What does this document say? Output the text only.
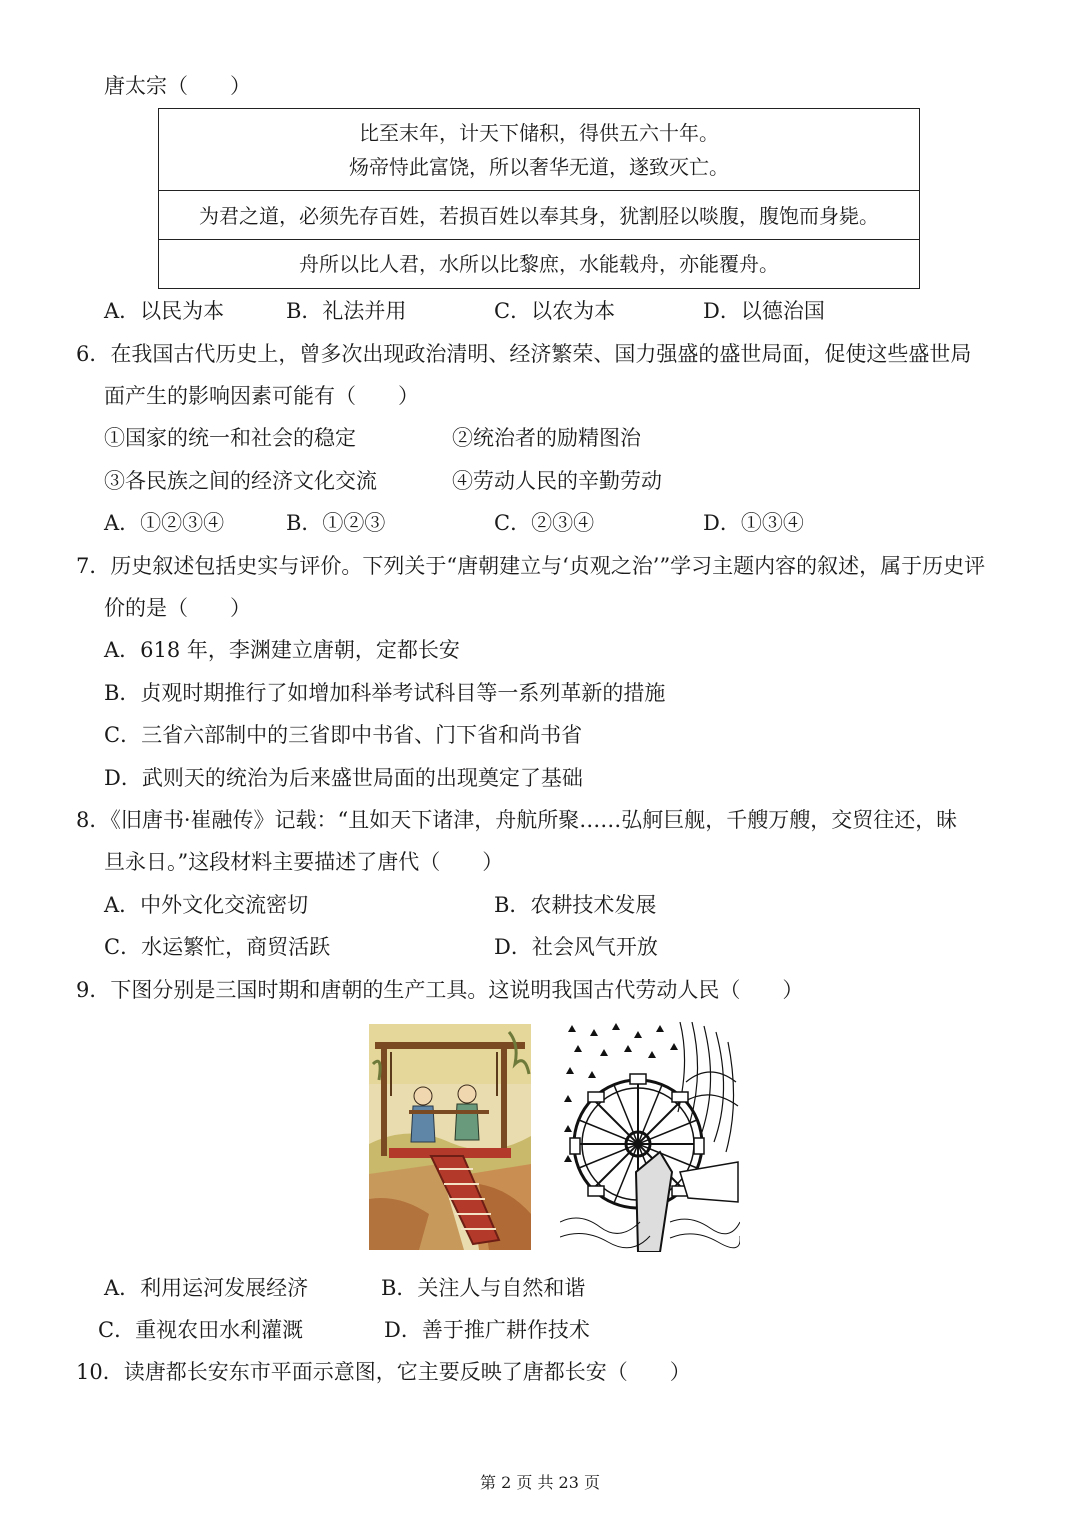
唐太宗（　　）
比至末年，计天下储积，得供五六十年。
炀帝恃此富饶，所以奢华无道，遂致灭亡。
为君之道，必须先存百姓，若损百姓以奉其身，犹割胫以啖腹，腹饱而身毙。
舟所以比人君，水所以比黎庶，水能载舟，亦能覆舟。
A．以民为本	B．礼法并用	C．以农为本	D．以德治国
6．在我国古代历史上，曾多次出现政治清明、经济繁荣、国力强盛的盛世局面，促使这些盛世局
面产生的影响因素可能有（　　）
①国家的统一和社会的稳定	②统治者的励精图治
③各民族之间的经济文化交流	④劳动人民的辛勤劳动
A．①②③④	B．①②③	C．②③④	D．①③④
7．历史叙述包括史实与评价。下列关于“唐朝建立与‘贞观之治’”学习主题内容的叙述，属于历史评
价的是（　　）
A．618 年，李渊建立唐朝，定都长安
B．贞观时期推行了如增加科举考试科目等一系列革新的措施
C．三省六部制中的三省即中书省、门下省和尚书省
D．武则天的统治为后来盛世局面的出现奠定了基础
8．《旧唐书·崔融传》记载：“且如天下诸津，舟航所聚……弘舸巨舰，千艘万艘，交贸往还，昧
旦永日。”这段材料主要描述了唐代（　　）
A．中外文化交流密切	B．农耕技术发展
C．水运繁忙，商贸活跃	D．社会风气开放
9．下图分别是三国时期和唐朝的生产工具。这说明我国古代劳动人民（　　）
A．利用运河发展经济	B．关注人与自然和谐
C．重视农田水利灌溉	D．善于推广耕作技术
10．读唐都长安东市平面示意图，它主要反映了唐都长安（　　）
第 2 页 共 23 页
